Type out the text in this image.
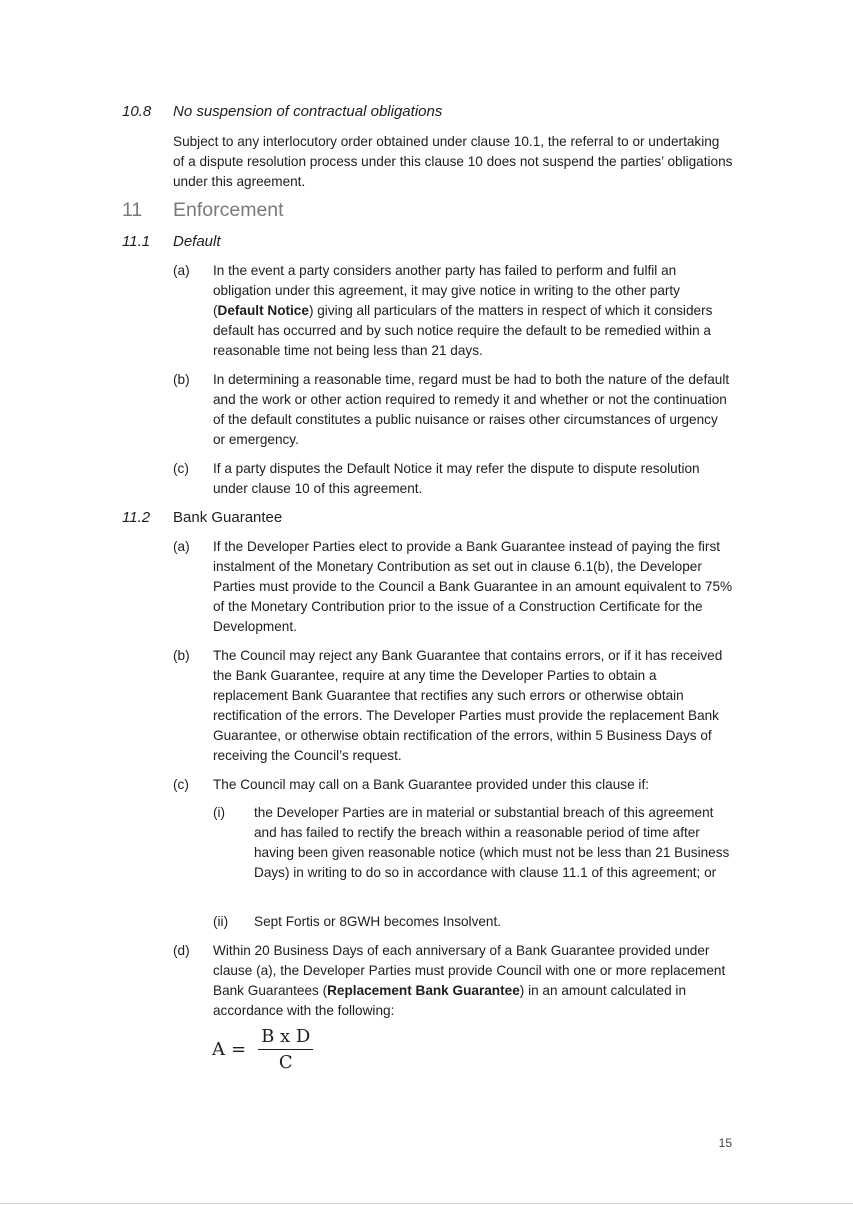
10.8 No suspension of contractual obligations
Subject to any interlocutory order obtained under clause 10.1, the referral to or undertaking of a dispute resolution process under this clause 10 does not suspend the parties’ obligations under this agreement.
11 Enforcement
11.1 Default
(a) In the event a party considers another party has failed to perform and fulfil an obligation under this agreement, it may give notice in writing to the other party (Default Notice) giving all particulars of the matters in respect of which it considers default has occurred and by such notice require the default to be remedied within a reasonable time not being less than 21 days.
(b) In determining a reasonable time, regard must be had to both the nature of the default and the work or other action required to remedy it and whether or not the continuation of the default constitutes a public nuisance or raises other circumstances of urgency or emergency.
(c) If a party disputes the Default Notice it may refer the dispute to dispute resolution under clause 10 of this agreement.
11.2 Bank Guarantee
(a) If the Developer Parties elect to provide a Bank Guarantee instead of paying the first instalment of the Monetary Contribution as set out in clause 6.1(b), the Developer Parties must provide to the Council a Bank Guarantee in an amount equivalent to 75% of the Monetary Contribution prior to the issue of a Construction Certificate for the Development.
(b) The Council may reject any Bank Guarantee that contains errors, or if it has received the Bank Guarantee, require at any time the Developer Parties to obtain a replacement Bank Guarantee that rectifies any such errors or otherwise obtain rectification of the errors. The Developer Parties must provide the replacement Bank Guarantee, or otherwise obtain rectification of the errors, within 5 Business Days of receiving the Council’s request.
(c) The Council may call on a Bank Guarantee provided under this clause if:
(i) the Developer Parties are in material or substantial breach of this agreement and has failed to rectify the breach within a reasonable period of time after having been given reasonable notice (which must not be less than 21 Business Days) in writing to do so in accordance with clause 11.1 of this agreement; or
(ii) Sept Fortis or 8GWH becomes Insolvent.
(d) Within 20 Business Days of each anniversary of a Bank Guarantee provided under clause (a), the Developer Parties must provide Council with one or more replacement Bank Guarantees (Replacement Bank Guarantee) in an amount calculated in accordance with the following:
$A = \frac{\text{B x D}}{C}$
15
